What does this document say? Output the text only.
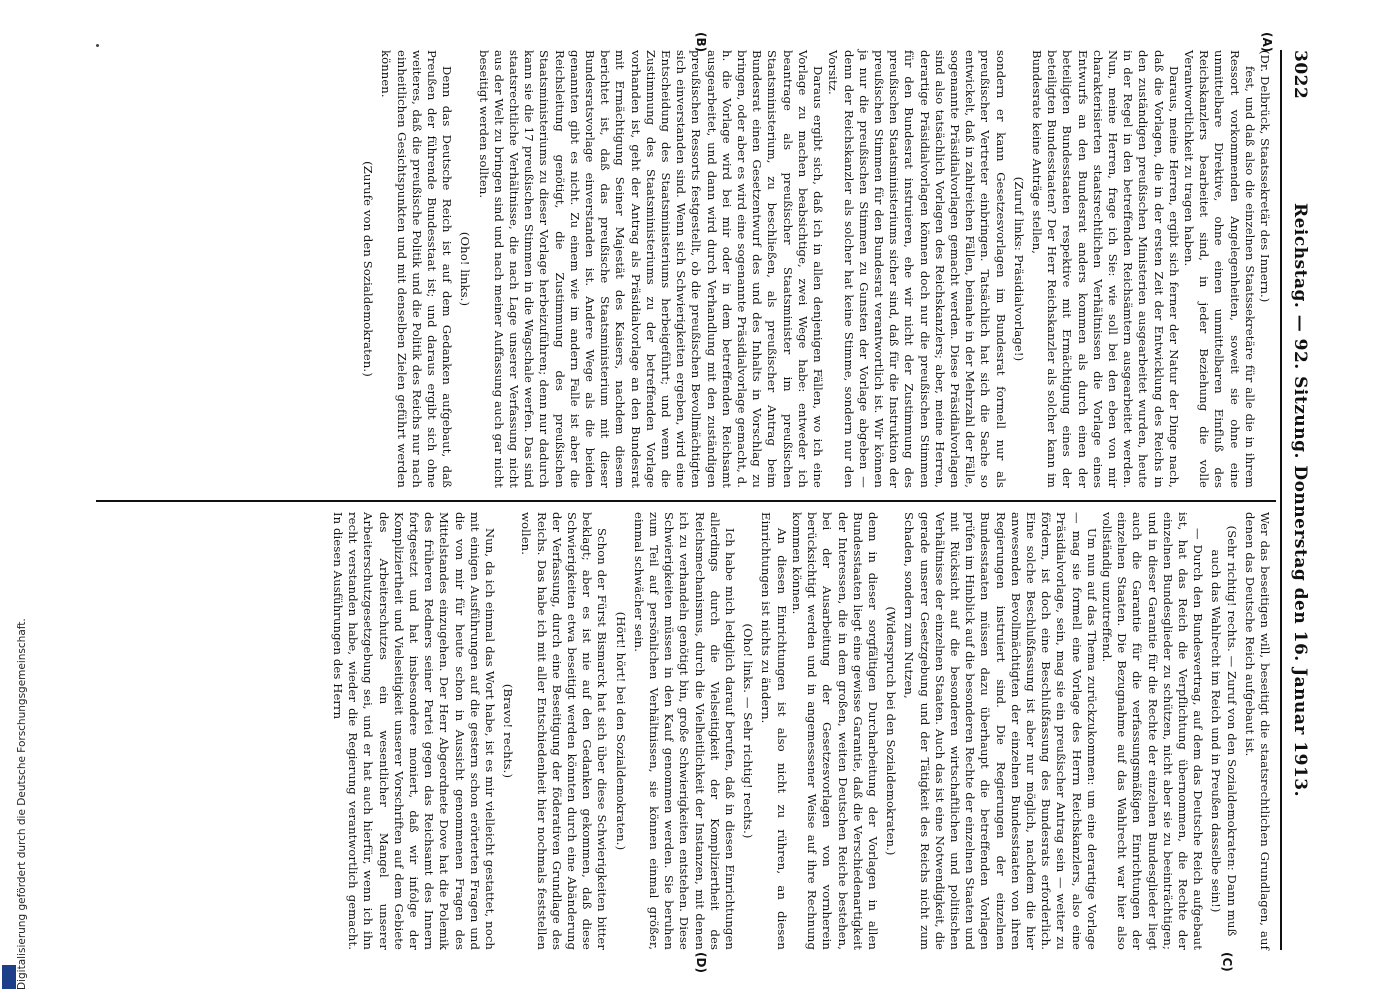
3022
Reichstag. — 92. Sitzung. Donnerstag den 16. Januar 1913.
(A)
(B)
(C)
(D)

(Dr. Delbrück, Staatssekretär des Innern.)

fest, und daß also die einzelnen Staatssekretäre für alle die in ihrem Ressort vorkommenden Angelegenheiten, soweit sie ohne eine unmittelbare Direktive, ohne einen unmittelbaren Einfluß des Reichskanzlers bearbeitet sind, in jeder Beziehung die volle Verantwortlichkeit zu tragen haben.

Daraus, meine Herren, ergibt sich ferner der Natur der Dinge nach, daß die Vorlagen, die in der ersten Zeit der Entwicklung des Reichs in den zuständigen preußischen Ministerien ausgearbeitet wurden, heute in der Regel in den betreffenden Reichsämtern ausgearbeitet werden. Nun, meine Herren, frage ich Sie: wie soll bei den eben von mir charakterisierten staatsrechtlichen Verhältnissen die Vorlage eines Entwurfs an den Bundesrat anders kommen als durch einen der beteiligten Bundesstaaten respektive mit Ermächtigung eines der beteiligten Bundesstaaten? Der Herr Reichskanzler als solcher kann im Bundesrate keine Anträge stellen,

(Zuruf links: Präsidialvorlage!)

sondern er kann Gesetzesvorlagen im Bundesrat formell nur als preußischer Vertreter einbringen. Tatsächlich hat sich die Sache so entwickelt, daß in zahlreichen Fällen, beinahe in der Mehrzahl der Fälle, sogenannte Präsidialvorlagen gemacht werden. Diese Präsidialvorlagen sind also tatsächlich Vorlagen des Reichskanzlers; aber, meine Herren, derartige Präsidialvorlagen können doch nur die preußischen Stimmen für den Bundesrat instruieren, ehe wir nicht der Zustimmung des preußischen Staatsministeriums sicher sind, daß für die Instruktion der preußischen Stimmen für den Bundesrat verantwortlich ist. Wir können ja nur die preußischen Stimmen zu Gunsten der Vorlage abgeben — denn der Reichskanzler als solcher hat keine Stimme, sondern nur den Vorsitz.

Daraus ergibt sich, daß ich in allen denjenigen Fällen, wo ich eine Vorlage zu machen beabsichtige, zwei Wege habe: entweder ich beantrage als preußischer Staatsminister im preußischen Staatsministerium, zu beschließen, als preußischer Antrag beim Bundesrat einen Gesetzentwurf des und des Inhalts in Vorschlag zu bringen, oder aber es wird eine sogenannte Präsidialvorlage gemacht, d. h. die Vorlage wird bei mir oder in dem betreffenden Reichsamt ausgearbeitet, und dann wird durch Verhandlung mit den zuständigen preußischen Ressorts festgestellt, ob die preußischen Bevollmächtigten sich einverstanden sind. Wenn sich Schwierigkeiten ergeben, wird eine Entscheidung des Staatsministeriums herbeigeführt; und wenn die Zustimmung des Staatsministeriums zu der betreffenden Vorlage vorhanden ist, geht der Antrag als Präsidialvorlage an den Bundesrat mit Ermächtigung Seiner Majestät des Kaisers, nachdem diesem berichtet ist, daß das preußische Staatsministerium mit dieser Bundesratsvorlage einverstanden ist. Andere Wege als die beiden genannten gibt es nicht. Zu einem wie im andern Falle ist aber die Reichsleitung genötigt, die Zustimmung des preußischen Staatsministeriums zu dieser Vorlage herbeizuführen; denn nur dadurch kann sie die 17 preußischen Stimmen in die Wagschale werfen. Das sind staatsrechtliche Verhältnisse, die nach Lage unserer Verfassung nicht aus der Welt zu bringen sind und nach meiner Auffassung auch gar nicht beseitigt werden sollten.

(Oho! links.)

Denn das Deutsche Reich ist auf dem Gedanken aufgebaut, daß Preußen der führende Bundesstaat ist; und daraus ergibt sich ohne weiteres, daß die preußische Politik und die Politik des Reichs nur nach einheitlichen Gesichtspunkten und mit denselben Zielen geführt werden können.

(Zurufe von den Sozialdemokraten.)

Wer das beseitigen will, beseitigt die staatsrechtlichen Grundlagen, auf denen das Deutsche Reich aufgebaut ist.

(Sehr richtig! rechts. — Zuruf von den Sozialdemokraten: Dann muß auch das Wahlrecht im Reich und in Preußen dasselbe sein!)

— Durch den Bundesvertrag, auf dem das Deutsche Reich aufgebaut ist, hat das Reich die Verpflichtung übernommen, die Rechte der einzelnen Bundesglieder zu schützen, nicht aber sie zu beeinträchtigen; und in dieser Garantie für die Rechte der einzelnen Bundesglieder liegt auch die Garantie für die verfassungsmäßigen Einrichtungen der einzelnen Staaten. Die Bezugnahme auf das Wahlrecht war hier also vollständig unzutreffend.

Um nun auf das Thema zurückzukommen: um eine derartige Vorlage — mag sie formell eine Vorlage des Herrn Reichskanzlers, also eine Präsidialvorlage, sein, mag sie ein preußischer Antrag sein — weiter zu fördern, ist doch eine Beschlußfassung des Bundesrats erforderlich. Eine solche Beschlußfassung ist aber nur möglich, nachdem die hier anwesenden Bevollmächtigten der einzelnen Bundesstaaten von ihren Regierungen instruiert sind. Die Regierungen der einzelnen Bundesstaaten müssen dazu überhaupt die betreffenden Vorlagen prüfen im Hinblick auf die besonderen Rechte der einzelnen Staaten und mit Rücksicht auf die besonderen wirtschaftlichen und politischen Verhältnisse der einzelnen Staaten. Auch das ist eine Notwendigkeit, die gerade unserer Gesetzgebung und der Tätigkeit des Reichs nicht zum Schaden, sondern zum Nutzen,

(Widerspruch bei den Sozialdemokraten.)

denn in dieser sorgfältigen Durcharbeitung der Vorlagen in allen Bundesstaaten liegt eine gewisse Garantie, daß die Verschiedenartigkeit der Interessen, die in dem großen, weiten Deutschen Reiche bestehen, bei der Ausarbeitung der Gesetzesvorlagen von vornherein berücksichtigt werden und in angemessener Weise auf ihre Rechnung kommen können.

An diesen Einrichtungen ist also nicht zu rühren, an diesen Einrichtungen ist nichts zu ändern.

(Oho! links. — Sehr richtig! rechts.)

Ich habe mich lediglich darauf berufen, daß in diesen Einrichtungen allerdings durch die Vielseitigkeit der Kompliziertheit des Reichsmechanismus, durch die Vielheitlichkeit der Instanzen, mit denen ich zu verhandeln genötigt bin, große Schwierigkeiten entstehen. Diese Schwierigkeiten müssen in den Kauf genommen werden. Sie beruhen zum Teil auf persönlichen Verhältnissen, sie können einmal größer, einmal schwächer sein.

(Hört! hört! bei den Sozialdemokraten.)

Schon der Fürst Bismarck hat sich über diese Schwierigkeiten bitter beklagt; aber es ist nie auf den Gedanken gekommen, daß diese Schwierigkeiten etwa beseitigt werden könnten durch eine Abänderung der Verfassung, durch eine Beseitigung der föderativen Grundlage des Reichs. Das habe ich mit aller Entschiedenheit hier nochmals feststellen wollen.

(Bravo! rechts.)

Nun, da ich einmal das Wort habe, ist es mir vielleicht gestattet, noch mit einigen Ausführungen auf die gestern schon erörterten Fragen und die von mir für heute schon in Aussicht genommenen Fragen des Mittelstandes einzugehen. Der Herr Abgeordnete Dove hat die Polemik des früheren Redners seiner Partei gegen das Reichsamt des Innern fortgesetzt und hat insbesondere moniert, daß wir infolge der Kompliziertheit und Vielseitigkeit unserer Vorschriften auf dem Gebiete des Arbeiterschutzes ein wesentlicher Mangel unserer Arbeiterschutzgesetzgebung sei, und er hat auch hierfür, wenn ich ihn recht verstanden habe, wieder die Regierung verantwortlich gemacht. In diesen Ausführungen des Herrn

Digitalisierung gefördert durch die Deutsche Forschungsgemeinschaft.
